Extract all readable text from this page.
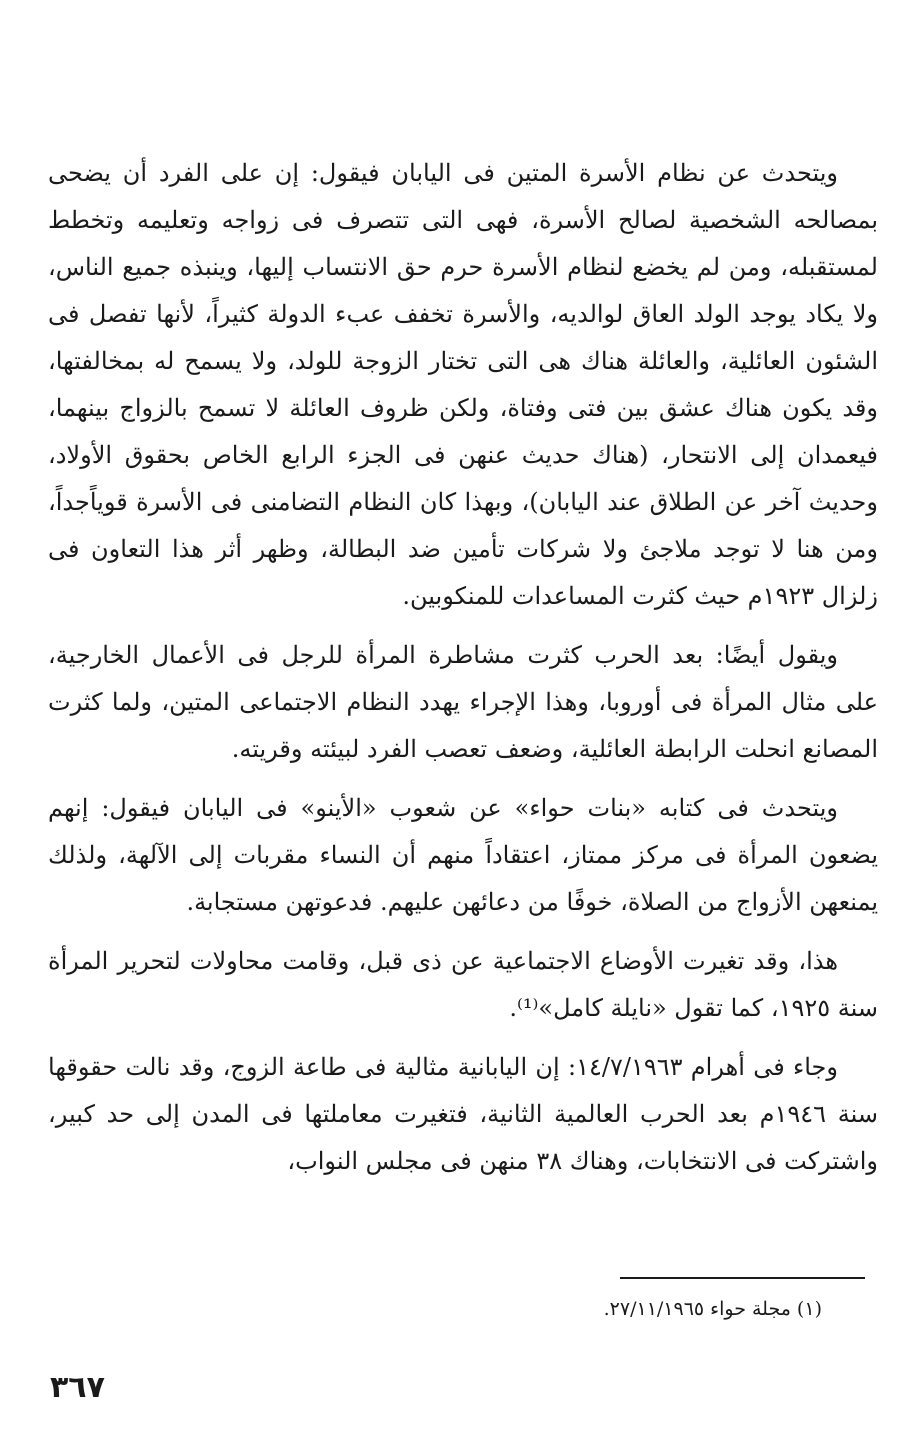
ويتحدث عن نظام الأسرة المتين فى اليابان فيقول: إن على الفرد أن يضحى بمصالحه الشخصية لصالح الأسرة، فهى التى تتصرف فى زواجه وتعليمه وتخطط لمستقبله، ومن لم يخضع لنظام الأسرة حرم حق الانتساب إليها، وينبذه جميع الناس، ولا يكاد يوجد الولد العاق لوالديه، والأسرة تخفف عبء الدولة كثيراً، لأنها تفصل فى الشئون العائلية، والعائلة هناك هى التى تختار الزوجة للولد، ولا يسمح له بمخالفتها، وقد يكون هناك عشق بين فتى وفتاة، ولكن ظروف العائلة لا تسمح بالزواج بينهما، فيعمدان إلى الانتحار، (هناك حديث عنهن فى الجزء الرابع الخاص بحقوق الأولاد، وحديث آخر عن الطلاق عند اليابان)، وبهذا كان النظام التضامنى فى الأسرة قوياًجداً، ومن هنا لا توجد ملاجئ ولا شركات تأمين ضد البطالة، وظهر أثر هذا التعاون فى زلزال ١٩٢٣م حيث كثرت المساعدات للمنكوبين.

ويقول أيضًا: بعد الحرب كثرت مشاطرة المرأة للرجل فى الأعمال الخارجية، على مثال المرأة فى أوروبا، وهذا الإجراء يهدد النظام الاجتماعى المتين، ولما كثرت المصانع انحلت الرابطة العائلية، وضعف تعصب الفرد لبيئته وقريته.

ويتحدث فى كتابه «بنات حواء» عن شعوب «الأينو» فى اليابان فيقول: إنهم يضعون المرأة فى مركز ممتاز، اعتقاداً منهم أن النساء مقربات إلى الآلهة، ولذلك يمنعهن الأزواج من الصلاة، خوفًا من دعائهن عليهم. فدعوتهن مستجابة.

هذا، وقد تغيرت الأوضاع الاجتماعية عن ذى قبل، وقامت محاولات لتحرير المرأة سنة ١٩٢٥، كما تقول «نايلة كامل»⁽¹⁾.

وجاء فى أهرام ١٤/٧/١٩٦٣: إن اليابانية مثالية فى طاعة الزوج، وقد نالت حقوقها سنة ١٩٤٦م بعد الحرب العالمية الثانية، فتغيرت معاملتها فى المدن إلى حد كبير، واشتركت فى الانتخابات، وهناك ٣٨ منهن فى مجلس النواب،

(١) مجلة حواء ٢٧/١١/١٩٦٥.
٣٦٧
